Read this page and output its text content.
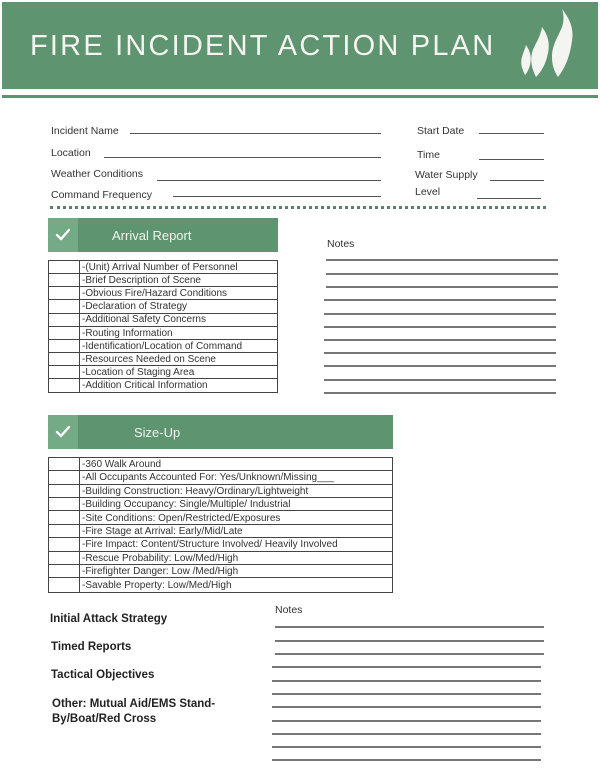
FIRE INCIDENT ACTION PLAN
Incident Name
Location
Weather Conditions
Command Frequency
Start Date
Time
Water Supply
Level
Arrival Report
-(Unit) Arrival Number of Personnel
-Brief Description of Scene
-Obvious Fire/Hazard Conditions
-Declaration of Strategy
-Additional Safety Concerns
-Routing Information
-Identification/Location of Command
-Resources Needed on Scene
-Location of Staging Area
-Addition Critical Information
Notes
Size-Up
-360 Walk Around
-All Occupants Accounted For: Yes/Unknown/Missing___
-Building Construction: Heavy/Ordinary/Lightweight
-Building Occupancy: Single/Multiple/ Industrial
-Site Conditions: Open/Restricted/Exposures
-Fire Stage at Arrival: Early/Mid/Late
-Fire Impact: Content/Structure Involved/ Heavily Involved
-Rescue Probability: Low/Med/High
-Firefighter Danger: Low /Med/High
-Savable Property: Low/Med/High
Initial Attack Strategy
Timed Reports
Tactical Objectives
Other: Mutual Aid/EMS Stand-By/Boat/Red Cross
Notes
